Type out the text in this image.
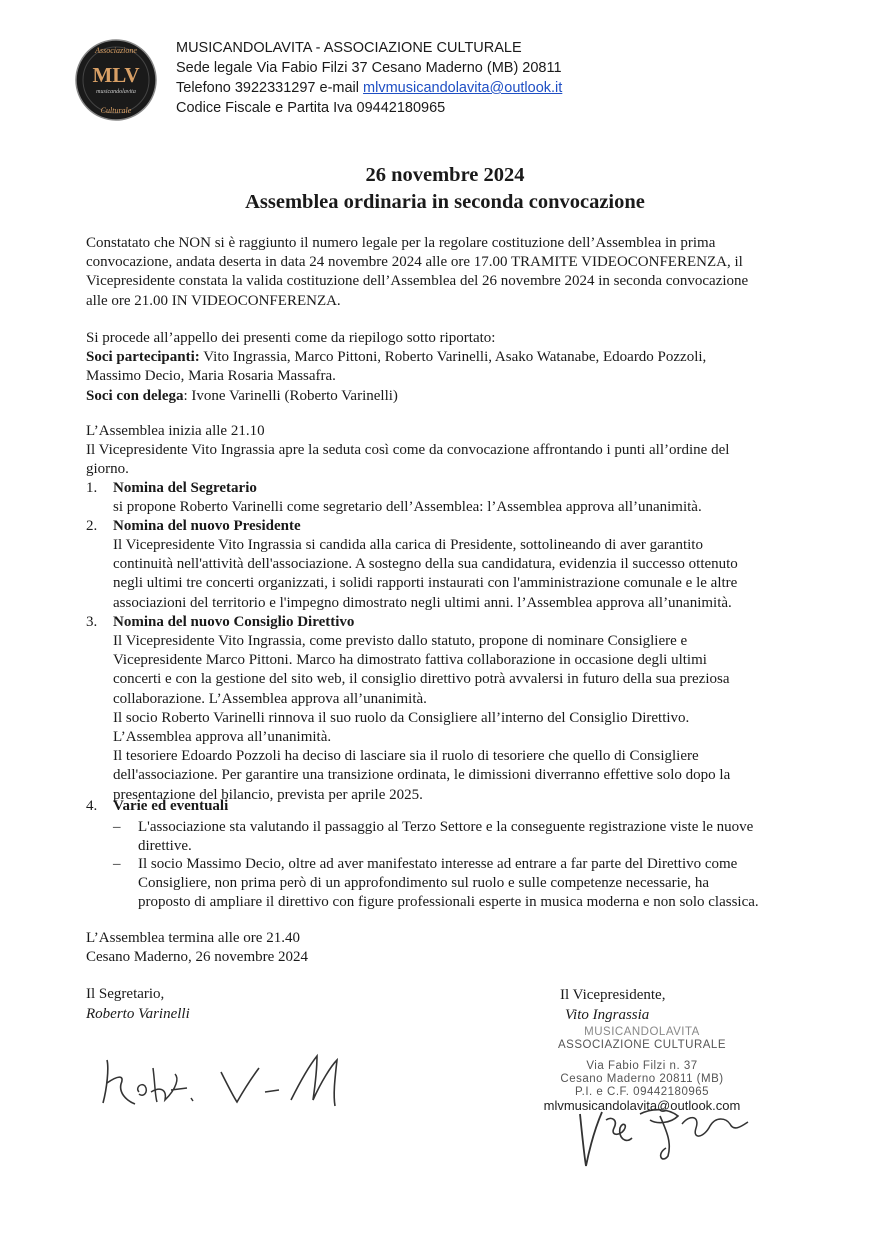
Associazione
MLV
musicandolavita
Culturale
MUSICANDOLAVITA - ASSOCIAZIONE CULTURALE
Sede legale Via Fabio Filzi 37 Cesano Maderno (MB) 20811
Telefono 3922331297 e-mail mlvmusicandolavita@outlook.it
Codice Fiscale e Partita Iva 09442180965
26 novembre 2024
Assemblea ordinaria in seconda convocazione
Constatato che NON si è raggiunto il numero legale per la regolare costituzione dell’Assemblea in prima
convocazione, andata deserta in data 24 novembre 2024 alle ore 17.00 TRAMITE VIDEOCONFERENZA, il
Vicepresidente constata la valida costituzione dell’Assemblea del 26 novembre 2024 in seconda convocazione
alle ore 21.00 IN VIDEOCONFERENZA.
Si procede all’appello dei presenti come da riepilogo sotto riportato:
Soci partecipanti: Vito Ingrassia, Marco Pittoni, Roberto Varinelli, Asako Watanabe, Edoardo Pozzoli,
Massimo Decio, Maria Rosaria Massafra.
Soci con delega: Ivone Varinelli (Roberto Varinelli)
L’Assemblea inizia alle 21.10
Il Vicepresidente Vito Ingrassia apre la seduta così come da convocazione affrontando i punti all’ordine del
giorno.
1. Nomina del Segretario
si propone Roberto Varinelli come segretario dell’Assemblea: l’Assemblea approva all’unanimità.
2. Nomina del nuovo Presidente
Il Vicepresidente Vito Ingrassia si candida alla carica di Presidente, sottolineando di aver garantito
continuità nell'attività dell'associazione. A sostegno della sua candidatura, evidenzia il successo ottenuto
negli ultimi tre concerti organizzati, i solidi rapporti instaurati con l'amministrazione comunale e le altre
associazioni del territorio e l'impegno dimostrato negli ultimi anni. l’Assemblea approva all’unanimità.
3. Nomina del nuovo Consiglio Direttivo
Il Vicepresidente Vito Ingrassia, come previsto dallo statuto, propone di nominare Consigliere e
Vicepresidente Marco Pittoni. Marco ha dimostrato fattiva collaborazione in occasione degli ultimi
concerti e con la gestione del sito web, il consiglio direttivo potrà avvalersi in futuro della sua preziosa
collaborazione. L’Assemblea approva all’unanimità.
Il socio Roberto Varinelli rinnova il suo ruolo da Consigliere all’interno del Consiglio Direttivo.
L’Assemblea approva all’unanimità.
Il tesoriere Edoardo Pozzoli ha deciso di lasciare sia il ruolo di tesoriere che quello di Consigliere
dell'associazione. Per garantire una transizione ordinata, le dimissioni diverranno effettive solo dopo la
presentazione del bilancio, prevista per aprile 2025.
4. Varie ed eventuali
– L'associazione sta valutando il passaggio al Terzo Settore e la conseguente registrazione viste le nuove
direttive.
– Il socio Massimo Decio, oltre ad aver manifestato interesse ad entrare a far parte del Direttivo come
Consigliere, non prima però di un approfondimento sul ruolo e sulle competenze necessarie, ha
proposto di ampliare il direttivo con figure professionali esperte in musica moderna e non solo classica.
L’Assemblea termina alle ore 21.40
Cesano Maderno, 26 novembre 2024
Il Segretario,
Roberto Varinelli
Il Vicepresidente,
Vito Ingrassia
MUSICANDOLAVITA
ASSOCIAZIONE CULTURALE
Via Fabio Filzi n. 37
Cesano Maderno 20811 (MB)
P.I. e C.F. 09442180965
mlvmusicandolavita@outlook.com
